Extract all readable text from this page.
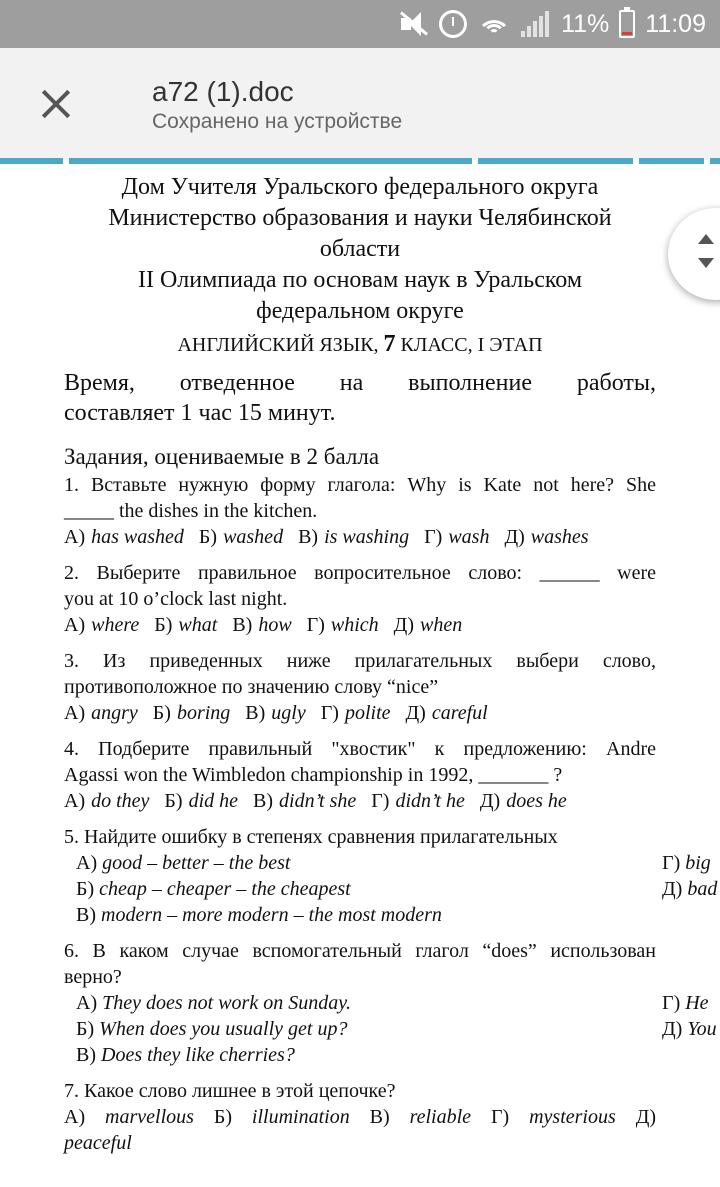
11% 11:09
a72 (1).doc
Сохранено на устройстве
Дом Учителя Уральского федерального округа
Министерство образования и науки Челябинской
области
II Олимпиада по основам наук в Уральском
федеральном округе
АНГЛИЙСКИЙ ЯЗЫК, 7 КЛАСС, I ЭТАП
Время, отведенное на выполнение работы,
составляет 1 час 15 минут.
Задания, оцениваемые в 2 балла
1. Вставьте нужную форму глагола: Why is Kate not here? She
_____ the dishes in the kitchen.
А) has washed Б) washed В) is washing Г) wash Д) washes
2. Выберите правильное вопросительное слово: ______ were
you at 10 o’clock last night.
А) where Б) what В) how Г) which Д) when
3. Из приведенных ниже прилагательных выбери слово,
противоположное по значению слову “nice”
А) angry Б) boring В) ugly Г) polite Д) careful
4. Подберите правильный "хвостик" к предложению: Andre
Agassi won the Wimbledon championship in 1992, _______ ?
А) do they Б) did he В) didn’t she Г) didn’t he Д) does he
5. Найдите ошибку в степенях сравнения прилагательных
А) good – better – the best	Г) big
Б) cheap – cheaper – the cheapest	Д) bad
В) modern – more modern – the most modern
6. В каком случае вспомогательный глагол “does” использован
верно?
А) They does not work on Sunday.	Г) He
Б) When does you usually get up?	Д) You
В) Does they like cherries?
7. Какое слово лишнее в этой цепочке?
А) marvellous Б) illumination В) reliable Г) mysterious Д)
peaceful
